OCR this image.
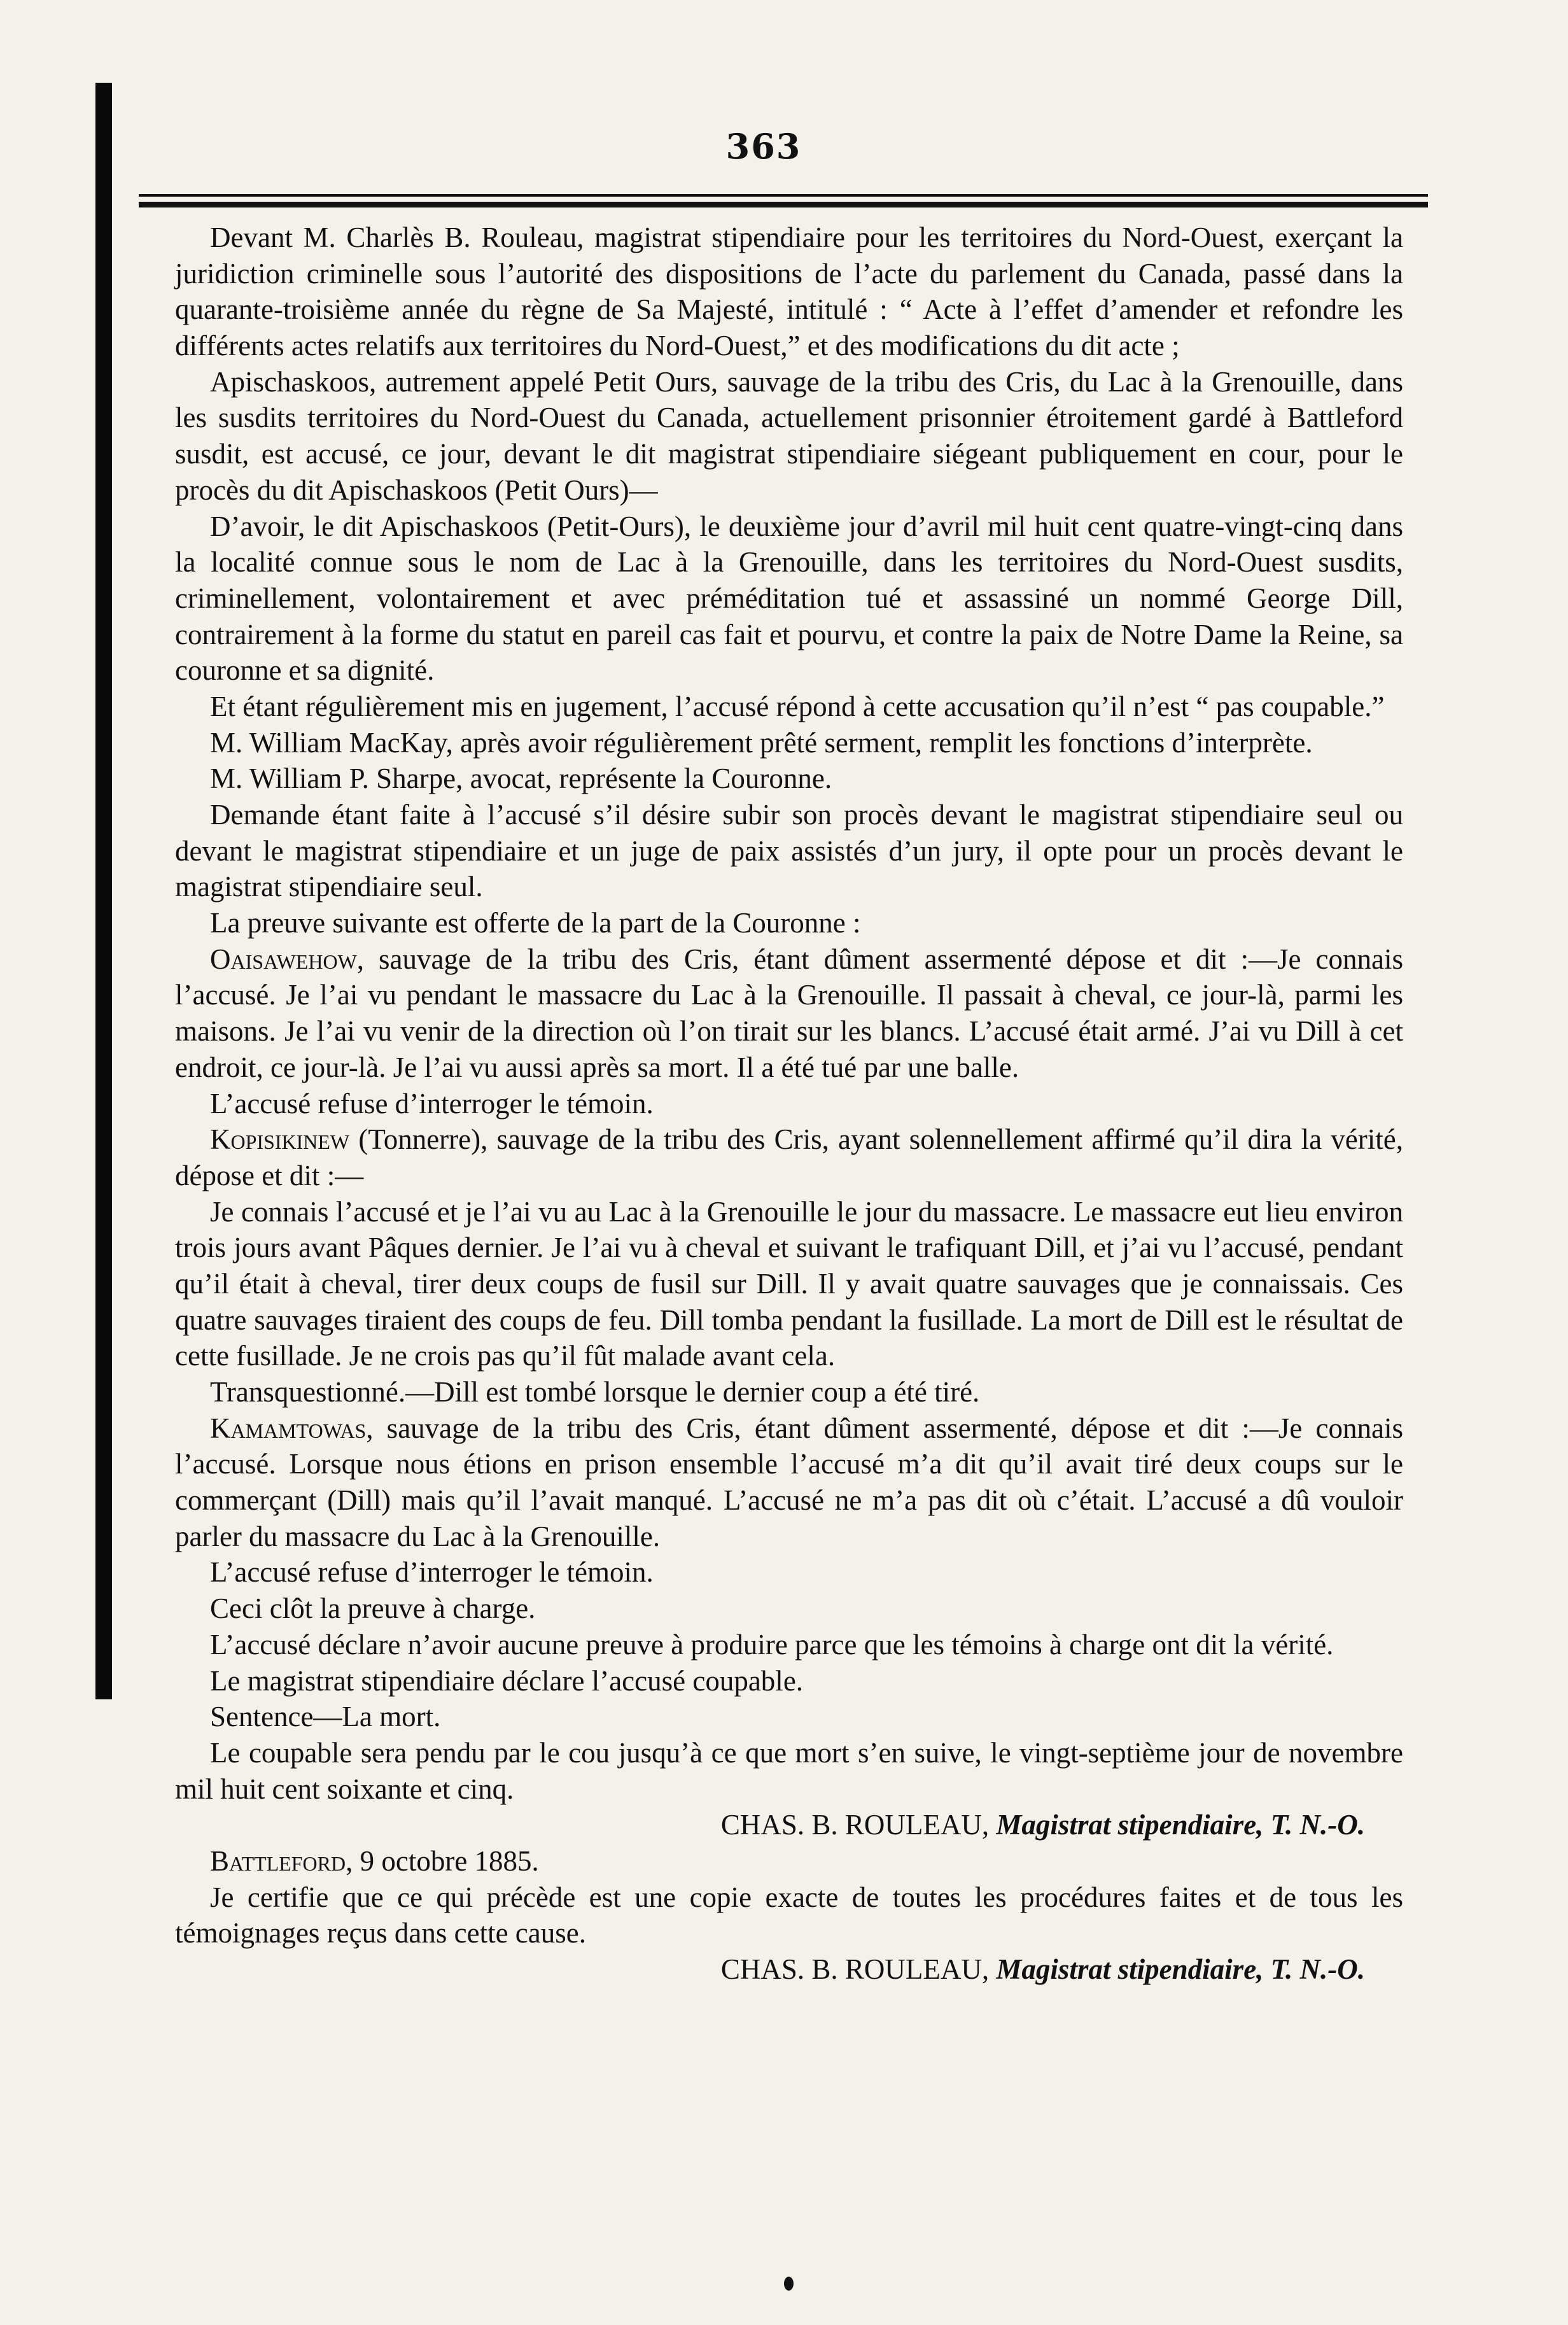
363

Devant M. Charlès B. Rouleau, magistrat stipendiaire pour les territoires du Nord-Ouest, exerçant la juridiction criminelle sous l’autorité des dispositions de l’acte du parlement du Canada, passé dans la quarante-troisième année du règne de Sa Majesté, intitulé : “ Acte à l’effet d’amender et refondre les différents actes relatifs aux territoires du Nord-Ouest,” et des modifications du dit acte ;

Apischaskoos, autrement appelé Petit Ours, sauvage de la tribu des Cris, du Lac à la Grenouille, dans les susdits territoires du Nord-Ouest du Canada, actuellement prisonnier étroitement gardé à Battleford susdit, est accusé, ce jour, devant le dit magistrat stipendiaire siégeant publiquement en cour, pour le procès du dit Apischaskoos (Petit Ours)—

D’avoir, le dit Apischaskoos (Petit-Ours), le deuxième jour d’avril mil huit cent quatre-vingt-cinq dans la localité connue sous le nom de Lac à la Grenouille, dans les territoires du Nord-Ouest susdits, criminellement, volontairement et avec préméditation tué et assassiné un nommé George Dill, contrairement à la forme du statut en pareil cas fait et pourvu, et contre la paix de Notre Dame la Reine, sa couronne et sa dignité.

Et étant régulièrement mis en jugement, l’accusé répond à cette accusation qu’il n’est “ pas coupable.”

M. William MacKay, après avoir régulièrement prêté serment, remplit les fonctions d’interprète.

M. William P. Sharpe, avocat, représente la Couronne.

Demande étant faite à l’accusé s’il désire subir son procès devant le magistrat stipendiaire seul ou devant le magistrat stipendiaire et un juge de paix assistés d’un jury, il opte pour un procès devant le magistrat stipendiaire seul.

La preuve suivante est offerte de la part de la Couronne :

Oaisawehow, sauvage de la tribu des Cris, étant dûment assermenté dépose et dit :—Je connais l’accusé. Je l’ai vu pendant le massacre du Lac à la Grenouille. Il passait à cheval, ce jour-là, parmi les maisons. Je l’ai vu venir de la direction où l’on tirait sur les blancs. L’accusé était armé. J’ai vu Dill à cet endroit, ce jour-là. Je l’ai vu aussi après sa mort. Il a été tué par une balle.

L’accusé refuse d’interroger le témoin.

Kopisikinew (Tonnerre), sauvage de la tribu des Cris, ayant solennellement affirmé qu’il dira la vérité, dépose et dit :—

Je connais l’accusé et je l’ai vu au Lac à la Grenouille le jour du massacre. Le massacre eut lieu environ trois jours avant Pâques dernier. Je l’ai vu à cheval et suivant le trafiquant Dill, et j’ai vu l’accusé, pendant qu’il était à cheval, tirer deux coups de fusil sur Dill. Il y avait quatre sauvages que je connaissais. Ces quatre sauvages tiraient des coups de feu. Dill tomba pendant la fusillade. La mort de Dill est le résultat de cette fusillade. Je ne crois pas qu’il fût malade avant cela.

Transquestionné.—Dill est tombé lorsque le dernier coup a été tiré.

Kamamtowas, sauvage de la tribu des Cris, étant dûment assermenté, dépose et dit :—Je connais l’accusé. Lorsque nous étions en prison ensemble l’accusé m’a dit qu’il avait tiré deux coups sur le commerçant (Dill) mais qu’il l’avait manqué. L’accusé ne m’a pas dit où c’était. L’accusé a dû vouloir parler du massacre du Lac à la Grenouille.

L’accusé refuse d’interroger le témoin.

Ceci clôt la preuve à charge.

L’accusé déclare n’avoir aucune preuve à produire parce que les témoins à charge ont dit la vérité.

Le magistrat stipendiaire déclare l’accusé coupable.

Sentence—La mort.

Le coupable sera pendu par le cou jusqu’à ce que mort s’en suive, le vingt-septième jour de novembre mil huit cent soixante et cinq.

CHAS. B. ROULEAU, Magistrat stipendiaire, T. N.-O.

Battleford, 9 octobre 1885.

Je certifie que ce qui précède est une copie exacte de toutes les procédures faites et de tous les témoignages reçus dans cette cause.

CHAS. B. ROULEAU, Magistrat stipendiaire, T. N.-O.
